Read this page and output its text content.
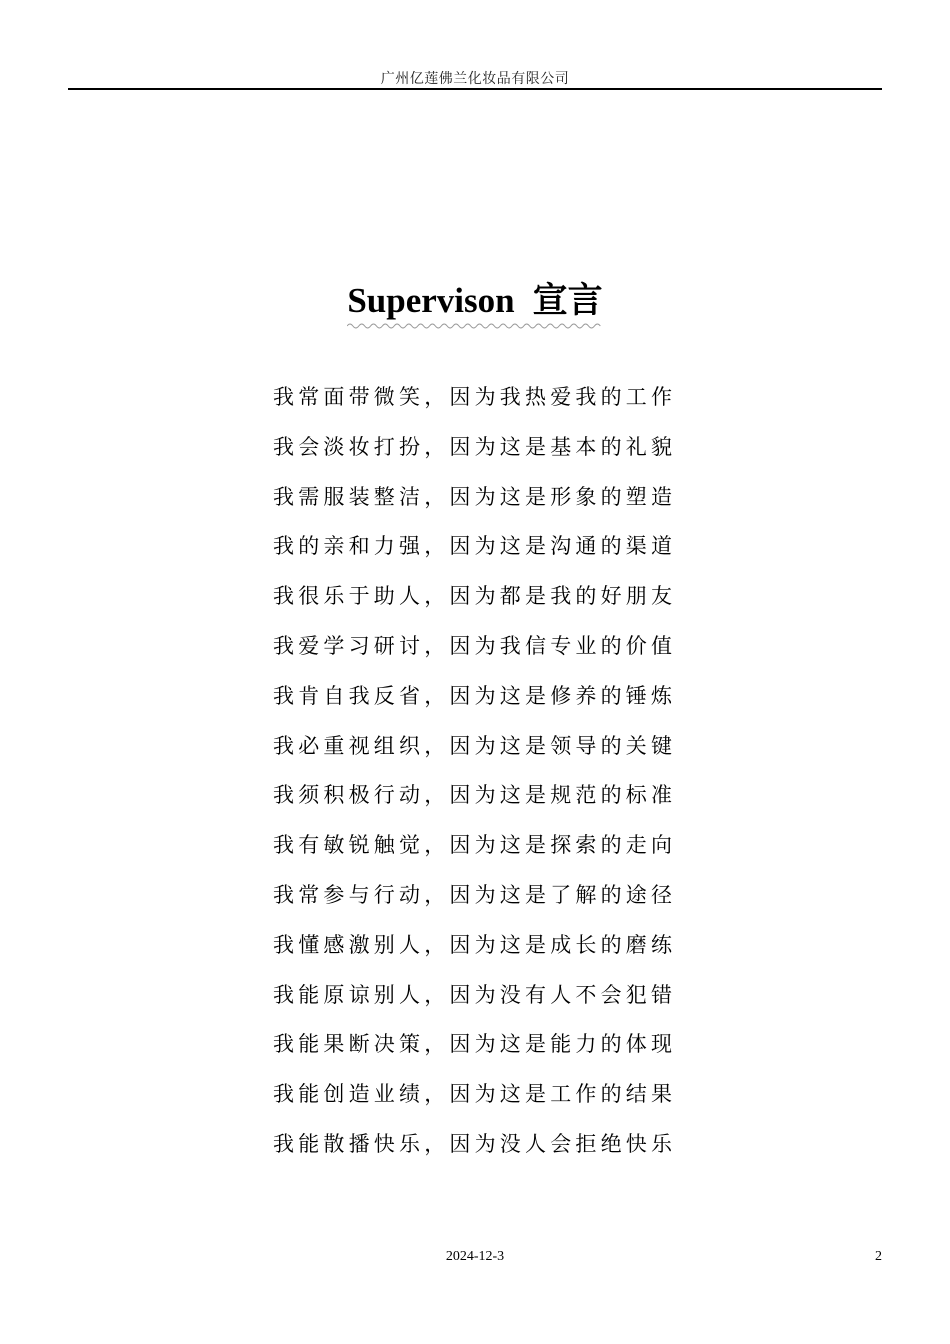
广州亿莲佛兰化妆品有限公司
Supervison 宣言
我常面带微笑，因为我热爱我的工作
我会淡妆打扮，因为这是基本的礼貌
我需服装整洁，因为这是形象的塑造
我的亲和力强，因为这是沟通的渠道
我很乐于助人，因为都是我的好朋友
我爱学习研讨，因为我信专业的价值
我肯自我反省，因为这是修养的锤炼
我必重视组织，因为这是领导的关键
我须积极行动，因为这是规范的标准
我有敏锐触觉，因为这是探索的走向
我常参与行动，因为这是了解的途径
我懂感激别人，因为这是成长的磨练
我能原谅别人，因为没有人不会犯错
我能果断决策，因为这是能力的体现
我能创造业绩，因为这是工作的结果
我能散播快乐，因为没人会拒绝快乐
2024-12-3	2
